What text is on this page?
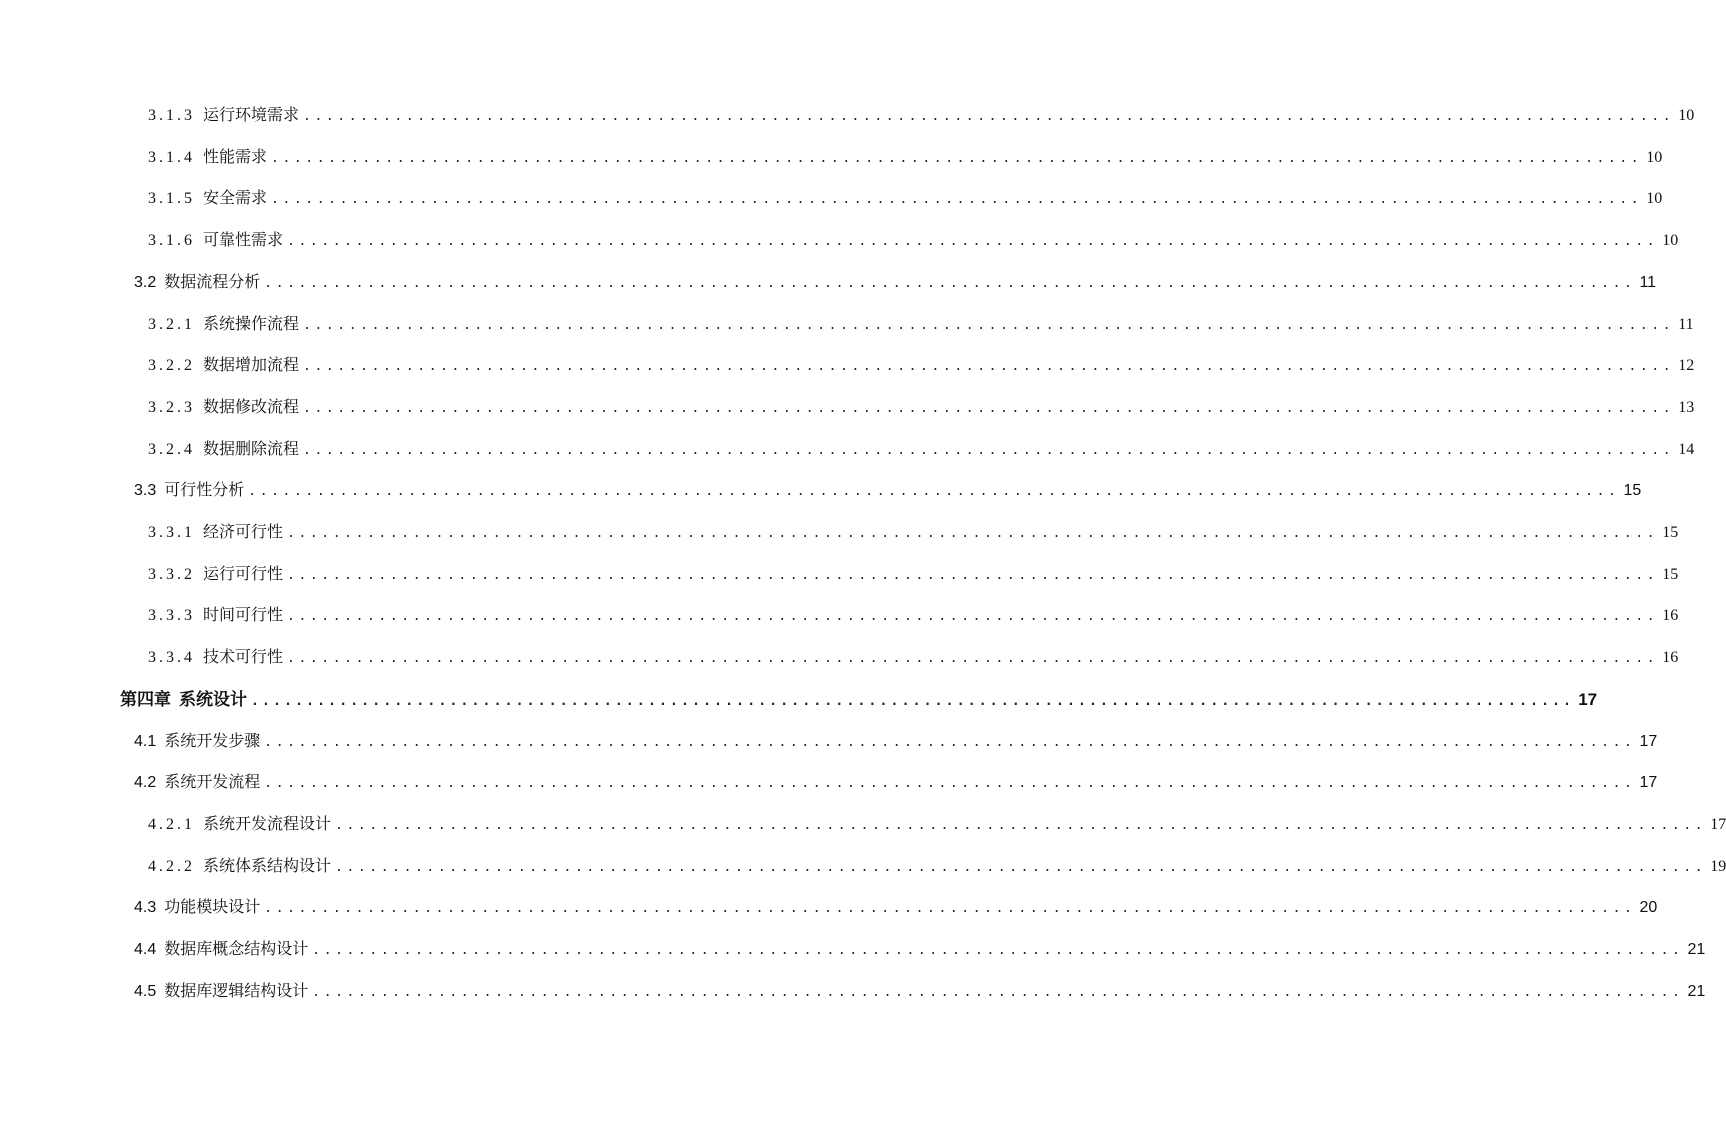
3.1.3 运行环境需求 ........................................................................................................................ 10
3.1.4 性能需求 ........................................................................................................................ 10
3.1.5 安全需求 ........................................................................................................................ 10
3.1.6 可靠性需求 ........................................................................................................................ 10
3.2 数据流程分析 ........................................................................................................................ 11
3.2.1 系统操作流程 ........................................................................................................................ 11
3.2.2 数据增加流程 ........................................................................................................................ 12
3.2.3 数据修改流程 ........................................................................................................................ 13
3.2.4 数据删除流程 ........................................................................................................................ 14
3.3 可行性分析 ........................................................................................................................ 15
3.3.1 经济可行性 ........................................................................................................................ 15
3.3.2 运行可行性 ........................................................................................................................ 15
3.3.3 时间可行性 ........................................................................................................................ 16
3.3.4 技术可行性 ........................................................................................................................ 16
第四章 系统设计 ........................................................................................................................ 17
4.1 系统开发步骤 ........................................................................................................................ 17
4.2 系统开发流程 ........................................................................................................................ 17
4.2.1 系统开发流程设计 ........................................................................................................................ 17
4.2.2 系统体系结构设计 ........................................................................................................................ 19
4.3 功能模块设计 ........................................................................................................................ 20
4.4 数据库概念结构设计 ........................................................................................................................ 21
4.5 数据库逻辑结构设计 ........................................................................................................................ 21
